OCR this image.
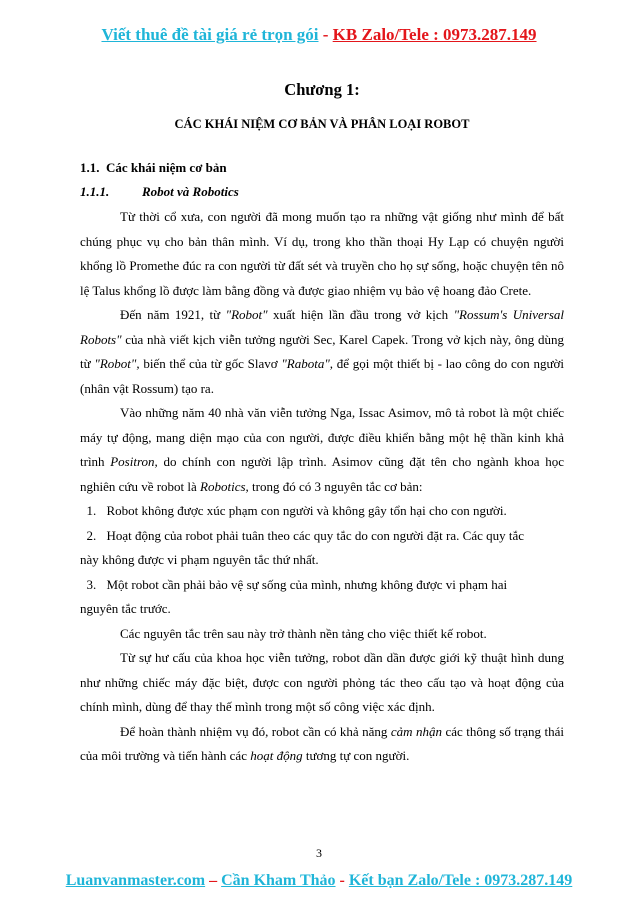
Viết thuê đề tài giá rẻ trọn gói - KB Zalo/Tele : 0973.287.149

Chương 1:

CÁC KHÁI NIỆM CƠ BẢN VÀ PHÂN LOẠI ROBOT

1.1. Các khái niệm cơ bản

1.1.1.	Robot và Robotics

Từ thời cổ xưa, con người đã mong muốn tạo ra những vật giống như mình để bất chúng phục vụ cho bản thân mình. Ví dụ, trong kho thần thoại Hy Lạp có chuyện người khổng lồ Promethe đúc ra con người từ đất sét và truyền cho họ sự sống, hoặc chuyện tên nô lệ Talus khổng lồ được làm bằng đồng và được giao nhiệm vụ bảo vệ hoang đảo Crete.

Đến năm 1921, từ "Robot" xuất hiện lần đầu trong vở kịch "Rossum's Universal Robots" của nhà viết kịch viễn tưởng người Sec, Karel Capek. Trong vở kịch này, ông dùng từ "Robot", biến thể của từ gốc Slavơ "Rabota", để gọi một thiết bị - lao công do con người (nhân vật Rossum) tạo ra.

Vào những năm 40 nhà văn viễn tưởng Nga, Issac Asimov, mô tả robot là một chiếc máy tự động, mang diện mạo của con người, được điều khiển bằng một hệ thần kinh khả trình Positron, do chính con người lập trình. Asimov cũng đặt tên cho ngành khoa học nghiên cứu về robot là Robotics, trong đó có 3 nguyên tắc cơ bản:

1. Robot không được xúc phạm con người và không gây tổn hại cho con người.

2. Hoạt động của robot phải tuân theo các quy tắc do con người đặt ra. Các quy tắc

này không được vi phạm nguyên tắc thứ nhất.

3. Một robot cần phải bảo vệ sự sống của mình, nhưng không được vi phạm hai

nguyên tắc trước.

Các nguyên tắc trên sau này trở thành nền tảng cho việc thiết kế robot.

Từ sự hư cấu của khoa học viễn tưởng, robot dần dần được giới kỹ thuật hình dung như những chiếc máy đặc biệt, được con người phỏng tác theo cấu tạo và hoạt động của chính mình, dùng để thay thế mình trong một số công việc xác định.

Để hoàn thành nhiệm vụ đó, robot cần có khả năng cảm nhận các thông số trạng thái của môi trường và tiến hành các hoạt động tương tự con người.

3
Luanvanmaster.com – Cần Kham Thảo - Kết bạn Zalo/Tele : 0973.287.149
